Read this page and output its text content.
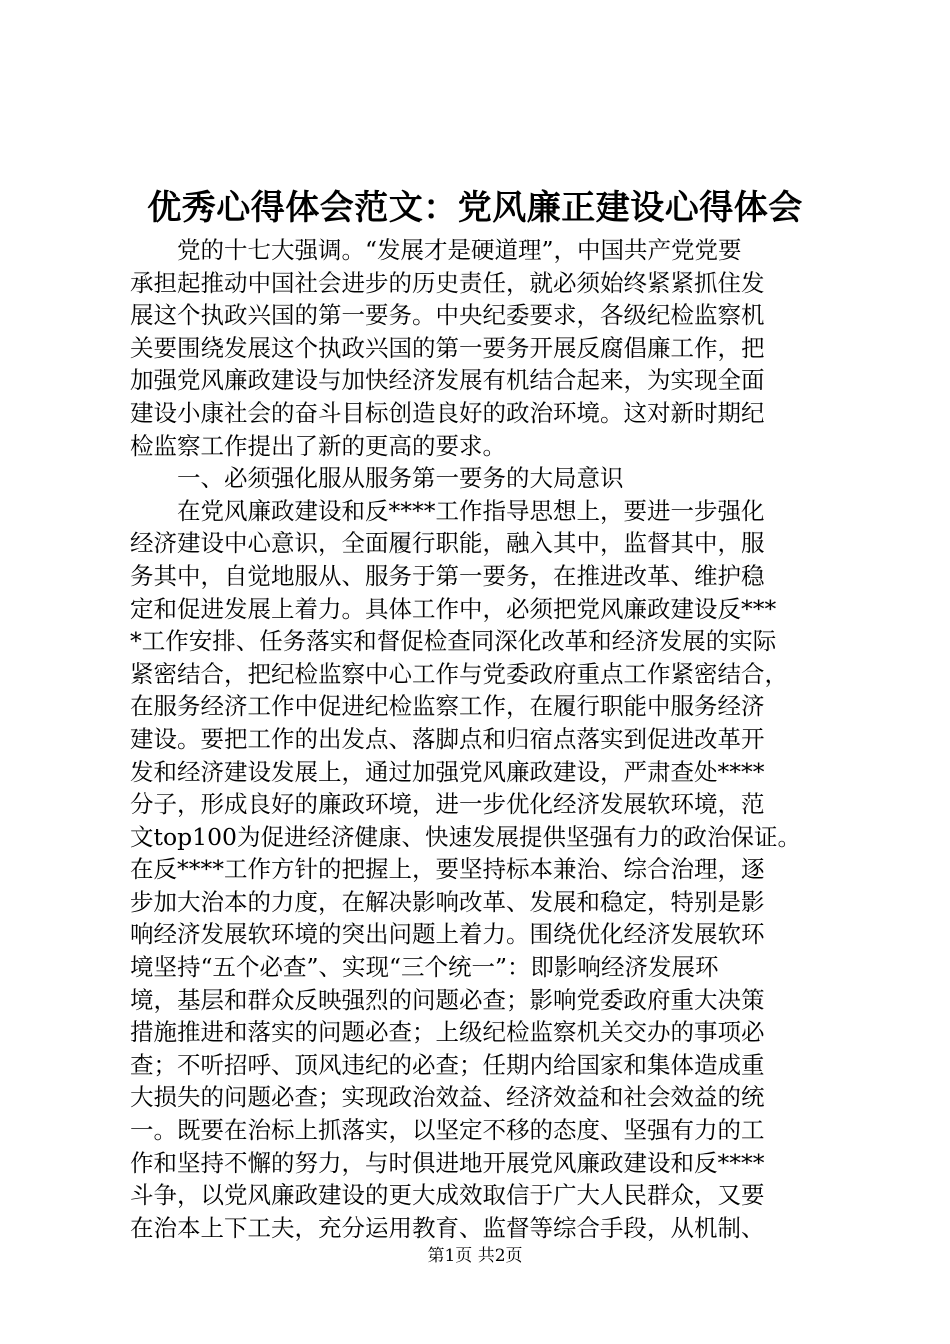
优秀心得体会范文：党风廉正建设心得体会
　　党的十七大强调。“发展才是硬道理”，中国共产党党要
承担起推动中国社会进步的历史责任，就必须始终紧紧抓住发
展这个执政兴国的第一要务。中央纪委要求，各级纪检监察机
关要围绕发展这个执政兴国的第一要务开展反腐倡廉工作，把
加强党风廉政建设与加快经济发展有机结合起来，为实现全面
建设小康社会的奋斗目标创造良好的政治环境。这对新时期纪
检监察工作提出了新的更高的要求。
　　一、必须强化服从服务第一要务的大局意识
　　在党风廉政建设和反****工作指导思想上，要进一步强化
经济建设中心意识，全面履行职能，融入其中，监督其中，服
务其中，自觉地服从、服务于第一要务，在推进改革、维护稳
定和促进发展上着力。具体工作中，必须把党风廉政建设反***
*工作安排、任务落实和督促检查同深化改革和经济发展的实际
紧密结合，把纪检监察中心工作与党委政府重点工作紧密结合，
在服务经济工作中促进纪检监察工作，在履行职能中服务经济
建设。要把工作的出发点、落脚点和归宿点落实到促进改革开
发和经济建设发展上，通过加强党风廉政建设，严肃查处****
分子，形成良好的廉政环境，进一步优化经济发展软环境，范
文top100为促进经济健康、快速发展提供坚强有力的政治保证。
在反****工作方针的把握上，要坚持标本兼治、综合治理，逐
步加大治本的力度，在解决影响改革、发展和稳定，特别是影
响经济发展软环境的突出问题上着力。围绕优化经济发展软环
境坚持“五个必查”、实现“三个统一”：即影响经济发展环
境，基层和群众反映强烈的问题必查；影响党委政府重大决策
措施推进和落实的问题必查；上级纪检监察机关交办的事项必
查；不听招呼、顶风违纪的必查；任期内给国家和集体造成重
大损失的问题必查；实现政治效益、经济效益和社会效益的统
一。既要在治标上抓落实，以坚定不移的态度、坚强有力的工
作和坚持不懈的努力，与时俱进地开展党风廉政建设和反****
斗争，以党风廉政建设的更大成效取信于广大人民群众，又要
在治本上下工夫，充分运用教育、监督等综合手段，从机制、
第1页 共2页
